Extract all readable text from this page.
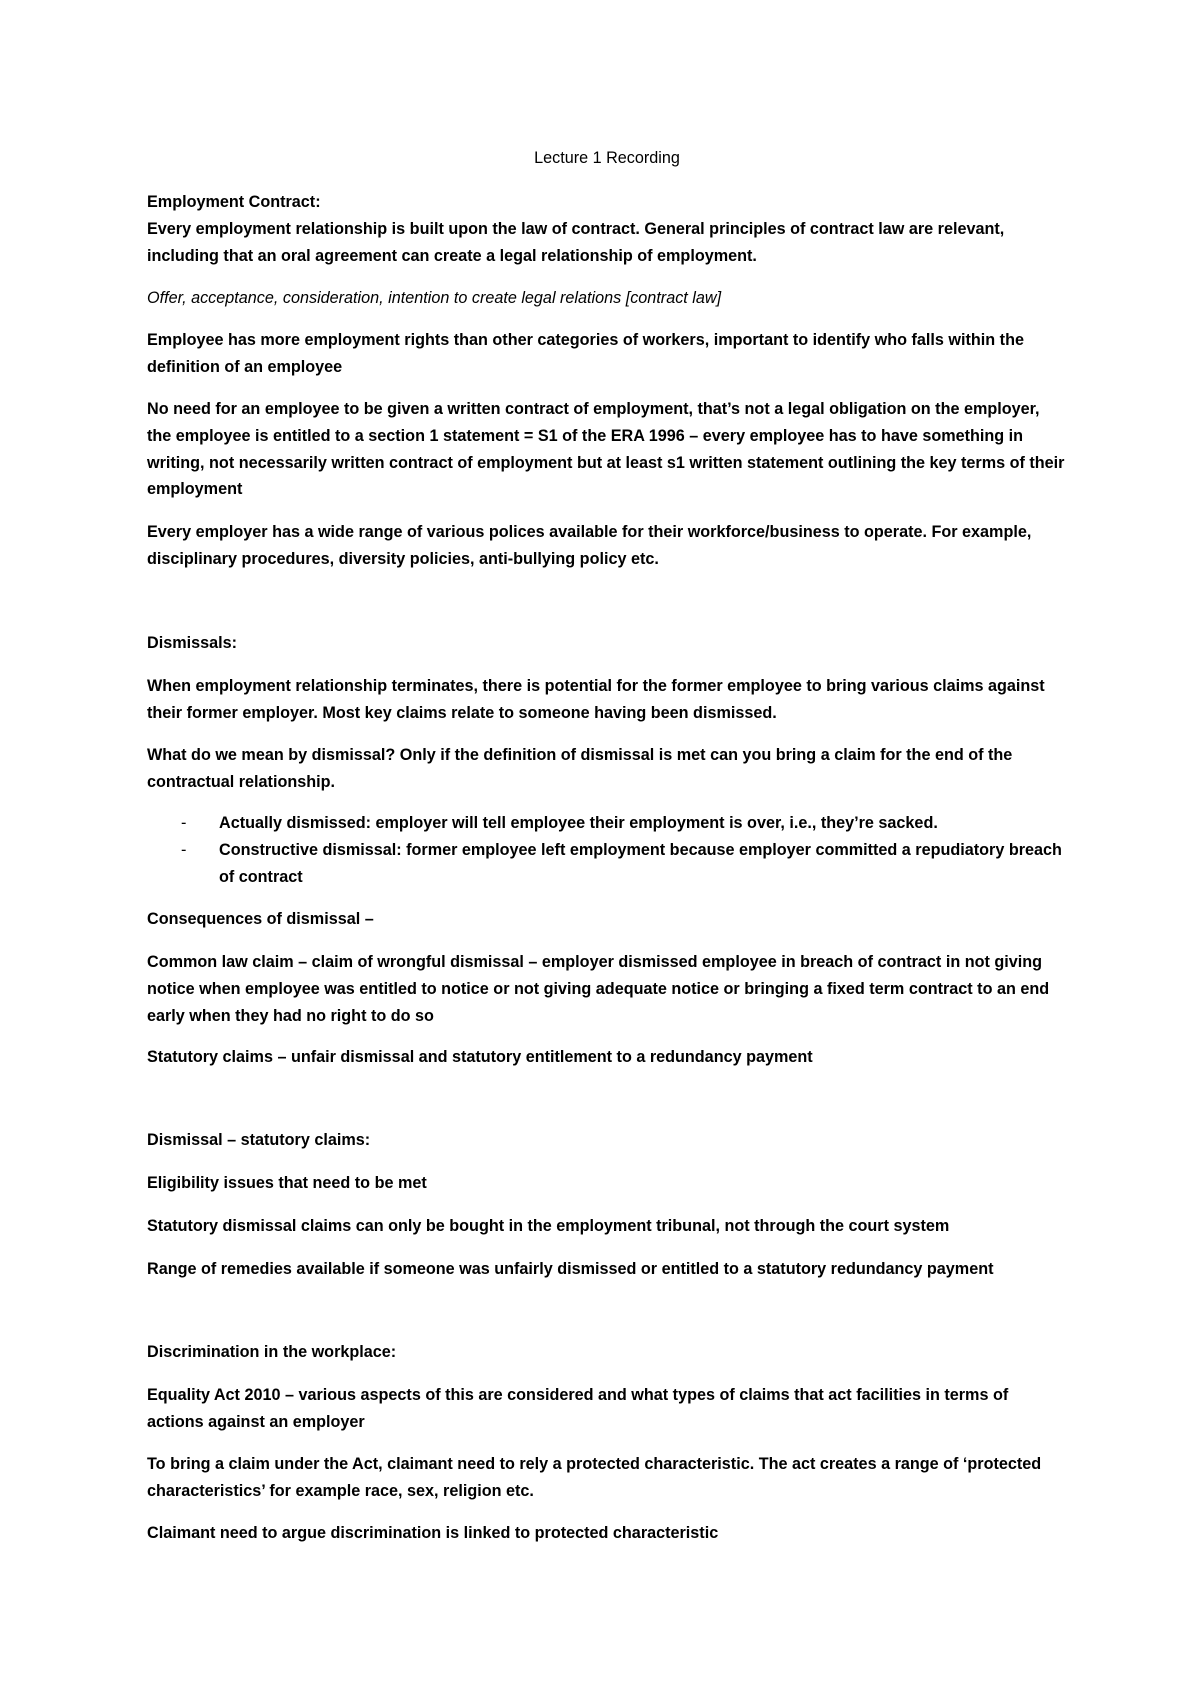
Lecture 1 Recording

Employment Contract:

Every employment relationship is built upon the law of contract. General principles of contract law are relevant, including that an oral agreement can create a legal relationship of employment.

Offer, acceptance, consideration, intention to create legal relations [contract law]

Employee has more employment rights than other categories of workers, important to identify who falls within the definition of an employee

No need for an employee to be given a written contract of employment, that’s not a legal obligation on the employer, the employee is entitled to a section 1 statement = S1 of the ERA 1996 – every employee has to have something in writing, not necessarily written contract of employment but at least s1 written statement outlining the key terms of their employment

Every employer has a wide range of various polices available for their workforce/business to operate. For example, disciplinary procedures, diversity policies, anti-bullying policy etc.

Dismissals:

When employment relationship terminates, there is potential for the former employee to bring various claims against their former employer. Most key claims relate to someone having been dismissed.

What do we mean by dismissal? Only if the definition of dismissal is met can you bring a claim for the end of the contractual relationship.

- Actually dismissed: employer will tell employee their employment is over, i.e., they’re sacked.
- Constructive dismissal: former employee left employment because employer committed a repudiatory breach of contract

Consequences of dismissal –

Common law claim – claim of wrongful dismissal – employer dismissed employee in breach of contract in not giving notice when employee was entitled to notice or not giving adequate notice or bringing a fixed term contract to an end early when they had no right to do so

Statutory claims – unfair dismissal and statutory entitlement to a redundancy payment

Dismissal – statutory claims:

Eligibility issues that need to be met

Statutory dismissal claims can only be bought in the employment tribunal, not through the court system

Range of remedies available if someone was unfairly dismissed or entitled to a statutory redundancy payment

Discrimination in the workplace:

Equality Act 2010 – various aspects of this are considered and what types of claims that act facilities in terms of actions against an employer

To bring a claim under the Act, claimant need to rely a protected characteristic. The act creates a range of ‘protected characteristics’ for example race, sex, religion etc.

Claimant need to argue discrimination is linked to protected characteristic
